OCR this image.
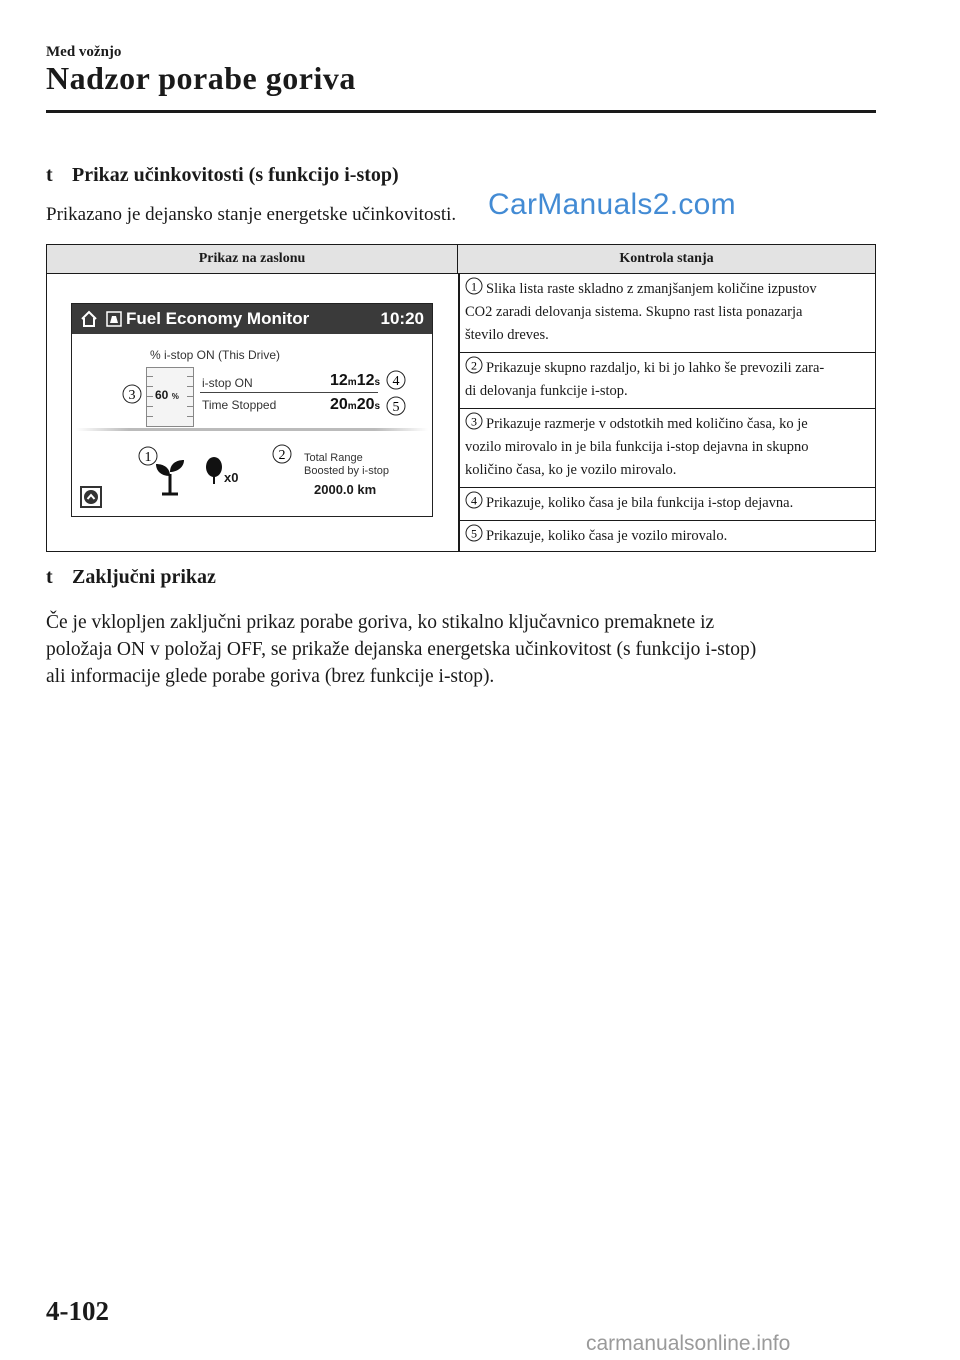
Med vožnjo
Nadzor porabe goriva
t Prikaz učinkovitosti (s funkcijo i-stop)
Prikazano je dejansko stanje energetske učinkovitosti. CarManuals2.com
Prikaz na zaslonu	Kontrola stanja
1 Slika lista raste skladno z zmanjšanjem količine izpustov
CO2 zaradi delovanja sistema. Skupno rast lista ponazarja
število dreves.
2 Prikazuje skupno razdaljo, ki bi jo lahko še prevozili zara-
di delovanja funkcije i-stop.
3 Prikazuje razmerje v odstotkih med količino časa, ko je
vozilo mirovalo in je bila funkcija i-stop dejavna in skupno
količino časa, ko je vozilo mirovalo.
4 Prikazuje, koliko časa je bila funkcija i-stop dejavna.
5 Prikazuje, koliko časa je vozilo mirovalo.
Fuel Economy Monitor	10:20
% i-stop ON (This Drive)
3 60 %
i-stop ON	12m12s 4
Time Stopped	20m20s 5
1
x0
2 Total Range
Boosted by i-stop
2000.0 km
t Zaključni prikaz
Če je vklopljen zaključni prikaz porabe goriva, ko stikalno ključavnico premaknete iz
položaja ON v položaj OFF, se prikaže dejanska energetska učinkovitost (s funkcijo i-stop)
ali informacije glede porabe goriva (brez funkcije i-stop).
4-102
carmanualsonline.info
